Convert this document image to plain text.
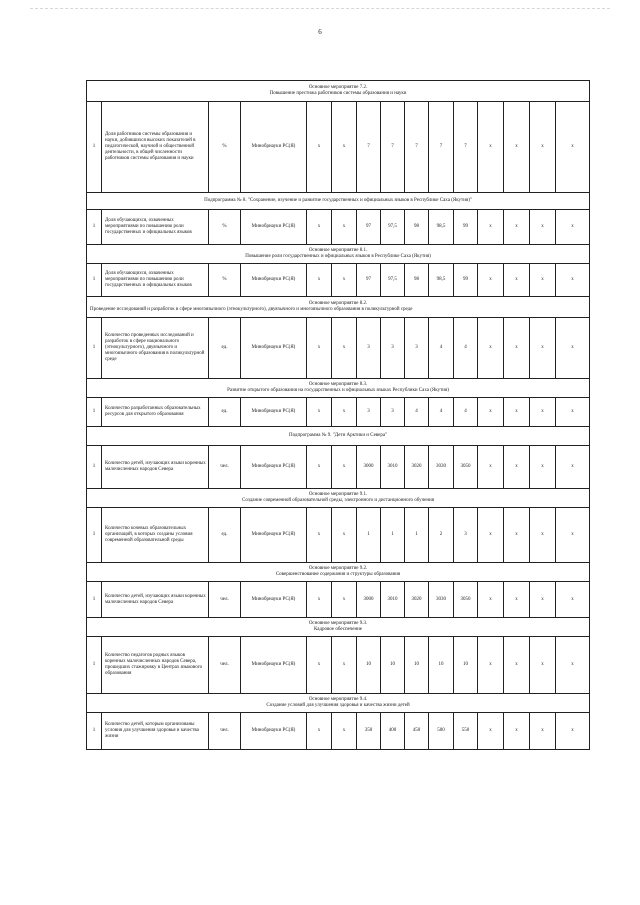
6
Основное мероприятие 7.2.
Повышение престижа работников системы образования и науки														

1	Доля работников системы образования и науки, добившихся высоких показателей в педагогической, научной и общественной деятельности, в общей численности работников системы образования и науки	%	Минобрнауки РС(Я)	x	x	7	7	7	7	7	x	x	x	x

Подпрограмма № 8. "Сохранение, изучение и развитие государственных и официальных языков в Республике Саха (Якутия)"														

1	Доля обучающихся, охваченных мероприятиями по повышению роли государственных и официальных языков	%	Минобрнауки РС(Я)	x	x	97	97,5	98	98,5	99	x	x	x	x

Основное мероприятие 8.1.
Повышение роли государственных и официальных языков в Республике Саха (Якутия)														

1	Доля обучающихся, охваченных мероприятиями по повышению роли государственных и официальных языков	%	Минобрнауки РС(Я)	x	x	97	97,5	98	98,5	99	x	x	x	x

Основное мероприятие 8.2.
Проведение исследований и разработок в сфере многоязычного (этнокультурного), двуязычного и многоязычного образования в поликультурной среде														

1	Количество проведенных исследований и разработок в сфере национального (этнокультурного), двуязычного и многоязычного образования в поликультурной среде	ед.	Минобрнауки РС(Я)	x	x	3	3	3	4	4	x	x	x	x

Основное мероприятие 8.3.
Развитие открытого образования на государственных и официальных языках Республики Саха (Якутия)														

1	Количество разработанных образовательных ресурсов для открытого образования	ед.	Минобрнауки РС(Я)	x	x	3	3	4	4	4	x	x	x	x

Подпрограмма № 9. "Дети Арктики и Севера"														

1	Количество детей, изучающих языки коренных малочисленных народов Севера	чел.	Минобрнауки РС(Я)	x	x	3000	3010	3020	3030	3050	x	x	x	x

Основное мероприятие 9.1.
Создание современной образовательной среды, электронного и дистанционного обучения														

1	Количество кочевых образовательных организаций, в которых созданы условия современной образовательной среды	ед.	Минобрнауки РС(Я)	x	x	1	1	1	2	3	x	x	x	x

Основное мероприятие 9.2.
Совершенствование содержания и структуры образования														

1	Количество детей, изучающих языки коренных малочисленных народов Севера	чел.	Минобрнауки РС(Я)	x	x	3000	3010	3020	3030	3050	x	x	x	x

Основное мероприятие 9.3.
Кадровое обеспечение														

1	Количество педагогов родных языков коренных малочисленных народов Севера, прошедших стажировку в Центрах языкового образования	чел.	Минобрнауки РС(Я)	x	x	10	10	10	10	10	x	x	x	x

Основное мероприятие 9.4.
Создание условий для улучшения здоровья и качества жизни детей														

1	Количество детей, которым организованы условия для улучшения здоровья и качества жизни	чел.	Минобрнауки РС(Я)	x	x	350	400	450	500	550	x	x	x	x
